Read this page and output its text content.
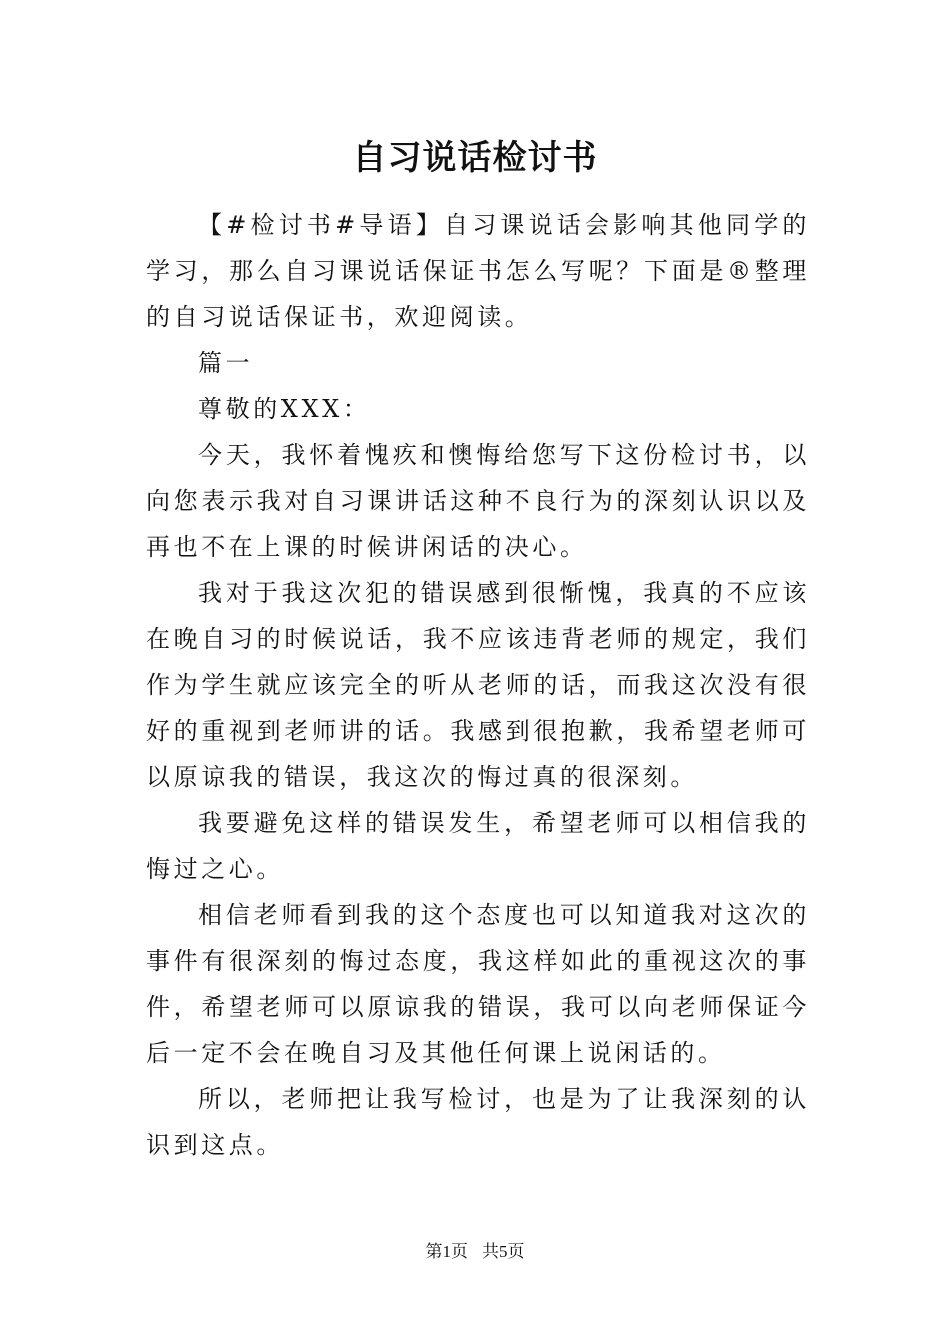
自习说话检讨书

【#检讨书#导语】自习课说话会影响其他同学的学习，那么自习课说话保证书怎么写呢？下面是®整理的自习说话保证书，欢迎阅读。

篇一

尊敬的XXX：

今天，我怀着愧疚和懊悔给您写下这份检讨书，以向您表示我对自习课讲话这种不良行为的深刻认识以及再也不在上课的时候讲闲话的决心。

我对于我这次犯的错误感到很惭愧，我真的不应该在晚自习的时候说话，我不应该违背老师的规定，我们作为学生就应该完全的听从老师的话，而我这次没有很好的重视到老师讲的话。我感到很抱歉，我希望老师可以原谅我的错误，我这次的悔过真的很深刻。

我要避免这样的错误发生，希望老师可以相信我的悔过之心。

相信老师看到我的这个态度也可以知道我对这次的事件有很深刻的悔过态度，我这样如此的重视这次的事件，希望老师可以原谅我的错误，我可以向老师保证今后一定不会在晚自习及其他任何课上说闲话的。

所以，老师把让我写检讨，也是为了让我深刻的认识到这点。

第1页 共5页
